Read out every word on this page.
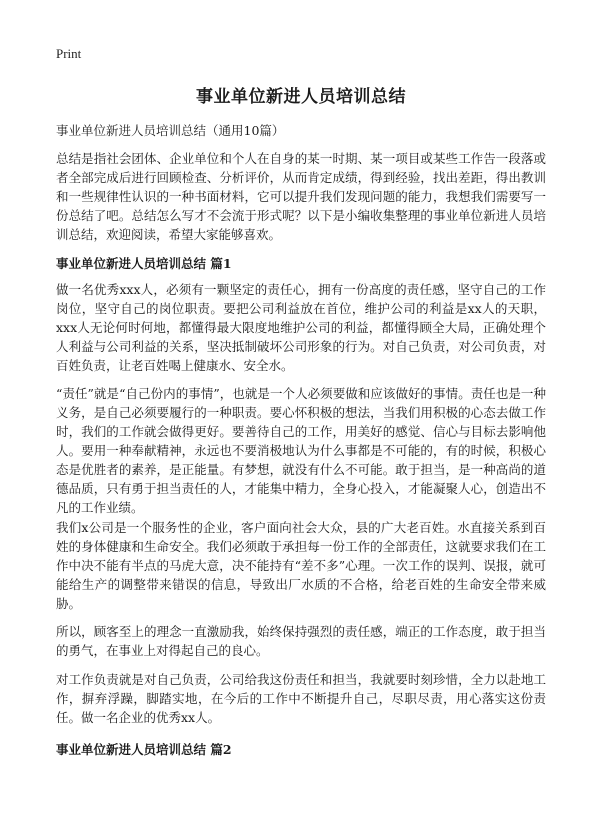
Print
事业单位新进人员培训总结
事业单位新进人员培训总结（通用10篇）

总结是指社会团体、企业单位和个人在自身的某一时期、某一项目或某些工作告一段落或者全部完成后进行回顾检查、分析评价，从而肯定成绩，得到经验，找出差距，得出教训和一些规律性认识的一种书面材料，它可以提升我们发现问题的能力，我想我们需要写一份总结了吧。总结怎么写才不会流于形式呢？以下是小编收集整理的事业单位新进人员培训总结，欢迎阅读，希望大家能够喜欢。

事业单位新进人员培训总结 篇1

做一名优秀xxx人，必须有一颗坚定的责任心，拥有一份高度的责任感，坚守自己的工作岗位，坚守自己的岗位职责。要把公司利益放在首位，维护公司的利益是xx人的天职，xxx人无论何时何地，都懂得最大限度地维护公司的利益，都懂得顾全大局，正确处理个人利益与公司利益的关系，坚决抵制破坏公司形象的行为。对自己负责，对公司负责，对百姓负责，让老百姓喝上健康水、安全水。

“责任”就是“自己份内的事情”，也就是一个人必须要做和应该做好的事情。责任也是一种义务，是自己必须要履行的一种职责。要心怀积极的想法，当我们用积极的心态去做工作时，我们的工作就会做得更好。要善待自己的工作，用美好的感觉、信心与目标去影响他人。要用一种奉献精神，永远也不要消极地认为什么事都是不可能的，有的时候，积极心态是优胜者的素养，是正能量。有梦想，就没有什么不可能。敢于担当，是一种高尚的道德品质，只有勇于担当责任的人，才能集中精力，全身心投入，才能凝聚人心，创造出不凡的工作业绩。

我们x公司是一个服务性的企业，客户面向社会大众，县的广大老百姓。水直接关系到百姓的身体健康和生命安全。我们必须敢于承担每一份工作的全部责任，这就要求我们在工作中决不能有半点的马虎大意，决不能持有“差不多”心理。一次工作的误判、误报，就可能给生产的调整带来错误的信息，导致出厂水质的不合格，给老百姓的生命安全带来威胁。

所以，顾客至上的理念一直激励我，始终保持强烈的责任感，端正的工作态度，敢于担当的勇气，在事业上对得起自己的良心。

对工作负责就是对自己负责，公司给我这份责任和担当，我就要时刻珍惜，全力以赴地工作，摒弃浮躁，脚踏实地，在今后的工作中不断提升自己，尽职尽责，用心落实这份责任。做一名企业的优秀xx人。

事业单位新进人员培训总结 篇2
